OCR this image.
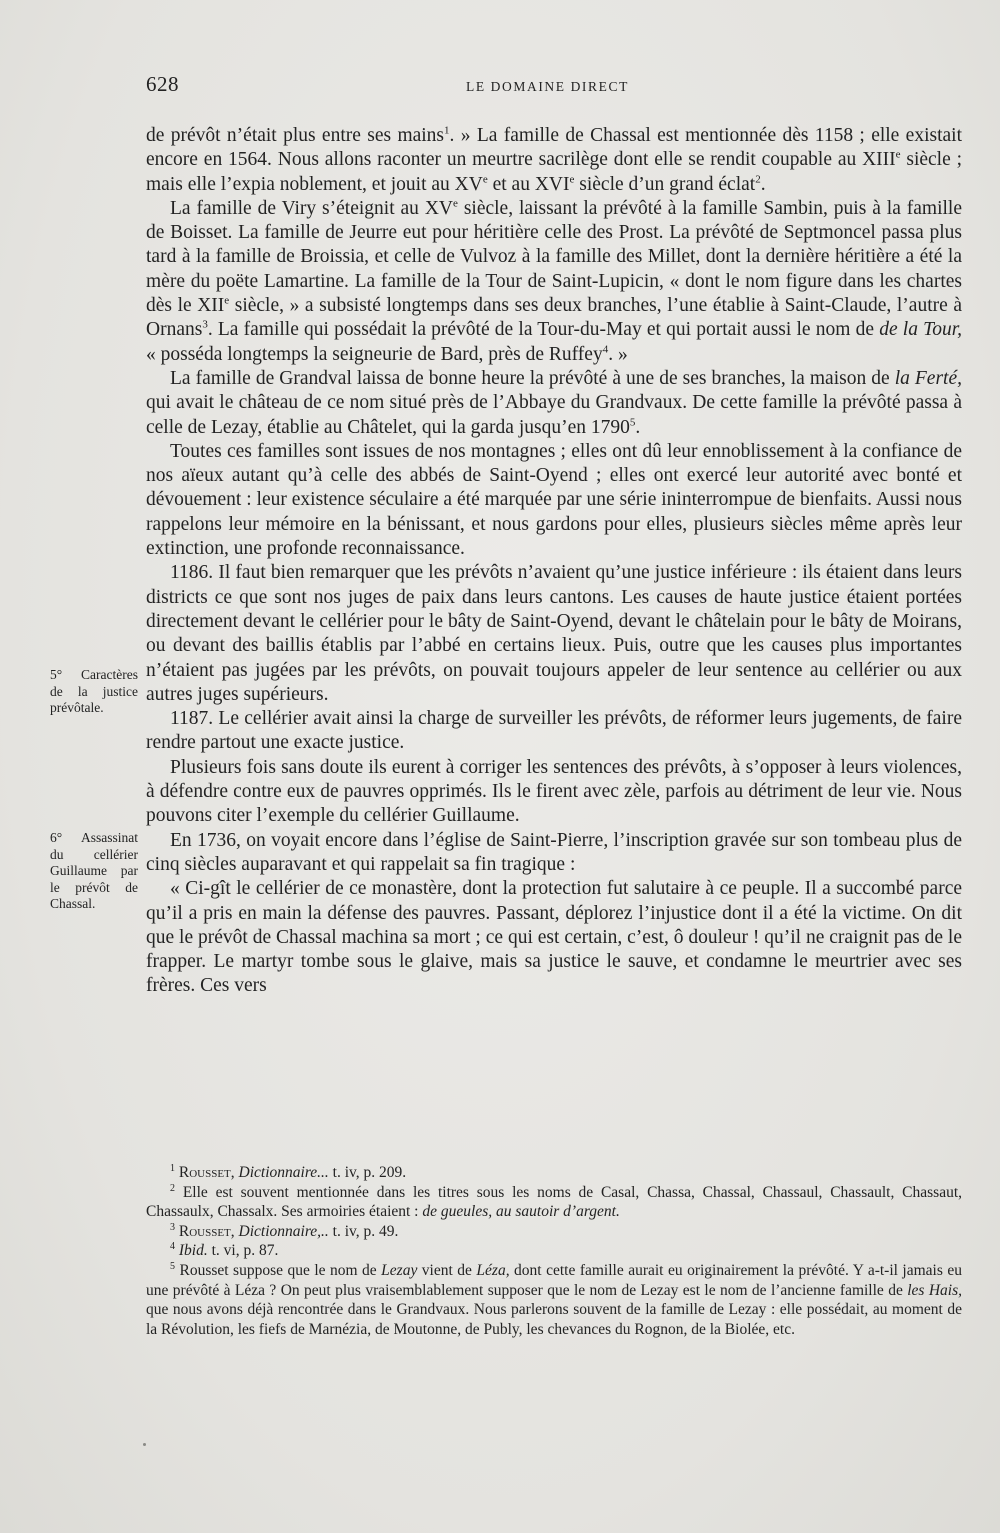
628	LE DOMAINE DIRECT

de prévôt n’était plus entre ses mains$^1$. » La famille de Chassal est mentionnée dès 1158 ; elle existait encore en 1564. Nous allons raconter un meurtre sacrilège dont elle se rendit coupable au XIIIe siècle ; mais elle l’expia noblement, et jouit au XVe et au XVIe siècle d’un grand éclat$^2$.

La famille de Viry s’éteignit au XVe siècle, laissant la prévôté à la famille Sambin, puis à la famille de Boisset. La famille de Jeurre eut pour héritière celle des Prost. La prévôté de Septmoncel passa plus tard à la famille de Broissia, et celle de Vulvoz à la famille des Millet, dont la dernière héritière a été la mère du poëte Lamartine. La famille de la Tour de Saint-Lupicin, « dont le nom figure dans les chartes dès le XIIe siècle, » a subsisté longtemps dans ses deux branches, l’une établie à Saint-Claude, l’autre à Ornans$^3$. La famille qui possédait la prévôté de la Tour-du-May et qui portait aussi le nom de de la Tour, « posséda longtemps la seigneurie de Bard, près de Ruffey$^4$. »

La famille de Grandval laissa de bonne heure la prévôté à une de ses branches, la maison de la Ferté, qui avait le château de ce nom situé près de l’Abbaye du Grandvaux. De cette famille la prévôté passa à celle de Lezay, établie au Châtelet, qui la garda jusqu’en 1790$^5$.

Toutes ces familles sont issues de nos montagnes ; elles ont dû leur ennoblissement à la confiance de nos aïeux autant qu’à celle des abbés de Saint-Oyend ; elles ont exercé leur autorité avec bonté et dévouement : leur existence séculaire a été marquée par une série ininterrompue de bienfaits. Aussi nous rappelons leur mémoire en la bénissant, et nous gardons pour elles, plusieurs siècles même après leur extinction, une profonde reconnaissance.

1186. Il faut bien remarquer que les prévôts n’avaient qu’une justice inférieure : ils étaient dans leurs districts ce que sont nos juges de paix dans leurs cantons. Les causes de haute justice étaient portées directement devant le cellérier pour le bâty de Saint-Oyend, devant le châtelain pour le bâty de Moirans, ou devant des baillis établis par l’abbé en certains lieux. Puis, outre que les causes plus importantes n’étaient pas jugées par les prévôts, on pouvait toujours appeler de leur sentence au cellérier ou aux autres juges supérieurs.

1187. Le cellérier avait ainsi la charge de surveiller les prévôts, de réformer leurs jugements, de faire rendre partout une exacte justice.

Plusieurs fois sans doute ils eurent à corriger les sentences des prévôts, à s’opposer à leurs violences, à défendre contre eux de pauvres opprimés. Ils le firent avec zèle, parfois au détriment de leur vie. Nous pouvons citer l’exemple du cellérier Guillaume.

En 1736, on voyait encore dans l’église de Saint-Pierre, l’inscription gravée sur son tombeau plus de cinq siècles auparavant et qui rappelait sa fin tragique :

« Ci-gît le cellérier de ce monastère, dont la protection fut salutaire à ce peuple. Il a succombé parce qu’il a pris en main la défense des pauvres. Passant, déplorez l’injustice dont il a été la victime. On dit que le prévôt de Chassal machina sa mort ; ce qui est certain, c’est, ô douleur ! qu’il ne craignit pas de le frapper. Le martyr tombe sous le glaive, mais sa justice le sauve, et condamne le meurtrier avec ses frères. Ces vers

5° Caractères de la justice prévôtale.
6° Assassinat du cellérier Guillaume par le prévôt de Chassal.

$^1$ Rousset, Dictionnaire... t. iv, p. 209.

$^2$ Elle est souvent mentionnée dans les titres sous les noms de Casal, Chassa, Chassal, Chassaul, Chassault, Chassaut, Chassaulx, Chassalx. Ses armoiries étaient : de gueules, au sautoir d’argent.

$^3$ Rousset, Dictionnaire,.. t. iv, p. 49.

$^4$ Ibid. t. vi, p. 87.

$^5$ Rousset suppose que le nom de Lezay vient de Léza, dont cette famille aurait eu originairement la prévôté. Y a-t-il jamais eu une prévôté à Léza ? On peut plus vraisemblablement supposer que le nom de Lezay est le nom de l’ancienne famille de les Hais, que nous avons déjà rencontrée dans le Grandvaux. Nous parlerons souvent de la famille de Lezay : elle possédait, au moment de la Révolution, les fiefs de Marnézia, de Moutonne, de Publy, les chevances du Rognon, de la Biolée, etc.
